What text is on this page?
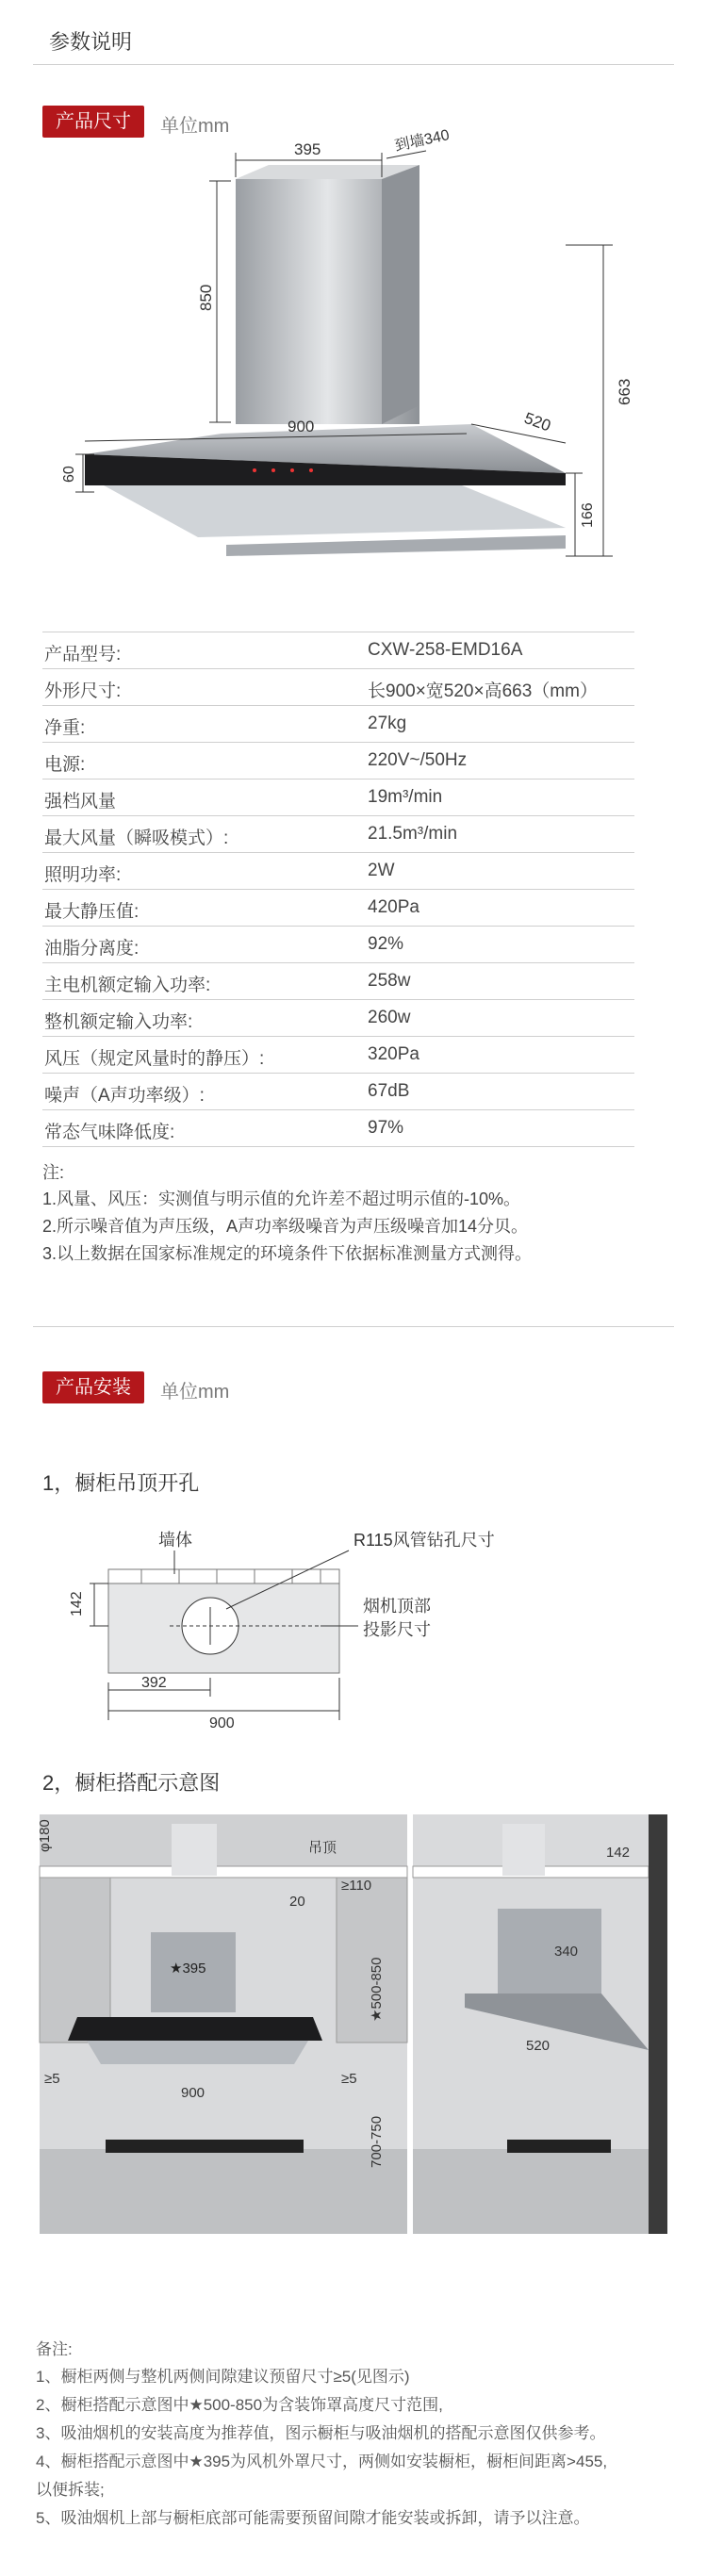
参数说明
产品尺寸	单位mm
395	到墙340
850
900	520
663
166
60
产品型号:	CXW-258-EMD16A
外形尺寸:	长900×宽520×高663（mm）
净重:	27kg
电源:	220V~/50Hz
强档风量	19m³/min
最大风量（瞬吸模式）:	21.5m³/min
照明功率:	2W
最大静压值:	420Pa
油脂分离度:	92%
主电机额定输入功率:	258w
整机额定输入功率:	260w
风压（规定风量时的静压）:	320Pa
噪声（A声功率级）:	67dB
常态气味降低度:	97%
注:
1.风量、风压：实测值与明示值的允许差不超过明示值的-10%。
2.所示噪音值为声压级，A声功率级噪音为声压级噪音加14分贝。
3.以上数据在国家标准规定的环境条件下依据标准测量方式测得。
产品安装	单位mm
1，橱柜吊顶开孔
墙体	R115风管钻孔尺寸
烟机顶部
投影尺寸
142
392
900
2，橱柜搭配示意图
φ180	吊顶
≥110
20
★395	★500-850
≥5	≥5
900
700-750
142
340
520
备注:
1、橱柜两侧与整机两侧间隙建议预留尺寸≥5(见图示)
2、橱柜搭配示意图中★500-850为含装饰罩高度尺寸范围,
3、吸油烟机的安装高度为推荐值，图示橱柜与吸油烟机的搭配示意图仅供参考。
4、橱柜搭配示意图中★395为风机外罩尺寸，两侧如安装橱柜，橱柜间距离>455,
以便拆装;
5、吸油烟机上部与橱柜底部可能需要预留间隙才能安装或拆卸，请予以注意。
